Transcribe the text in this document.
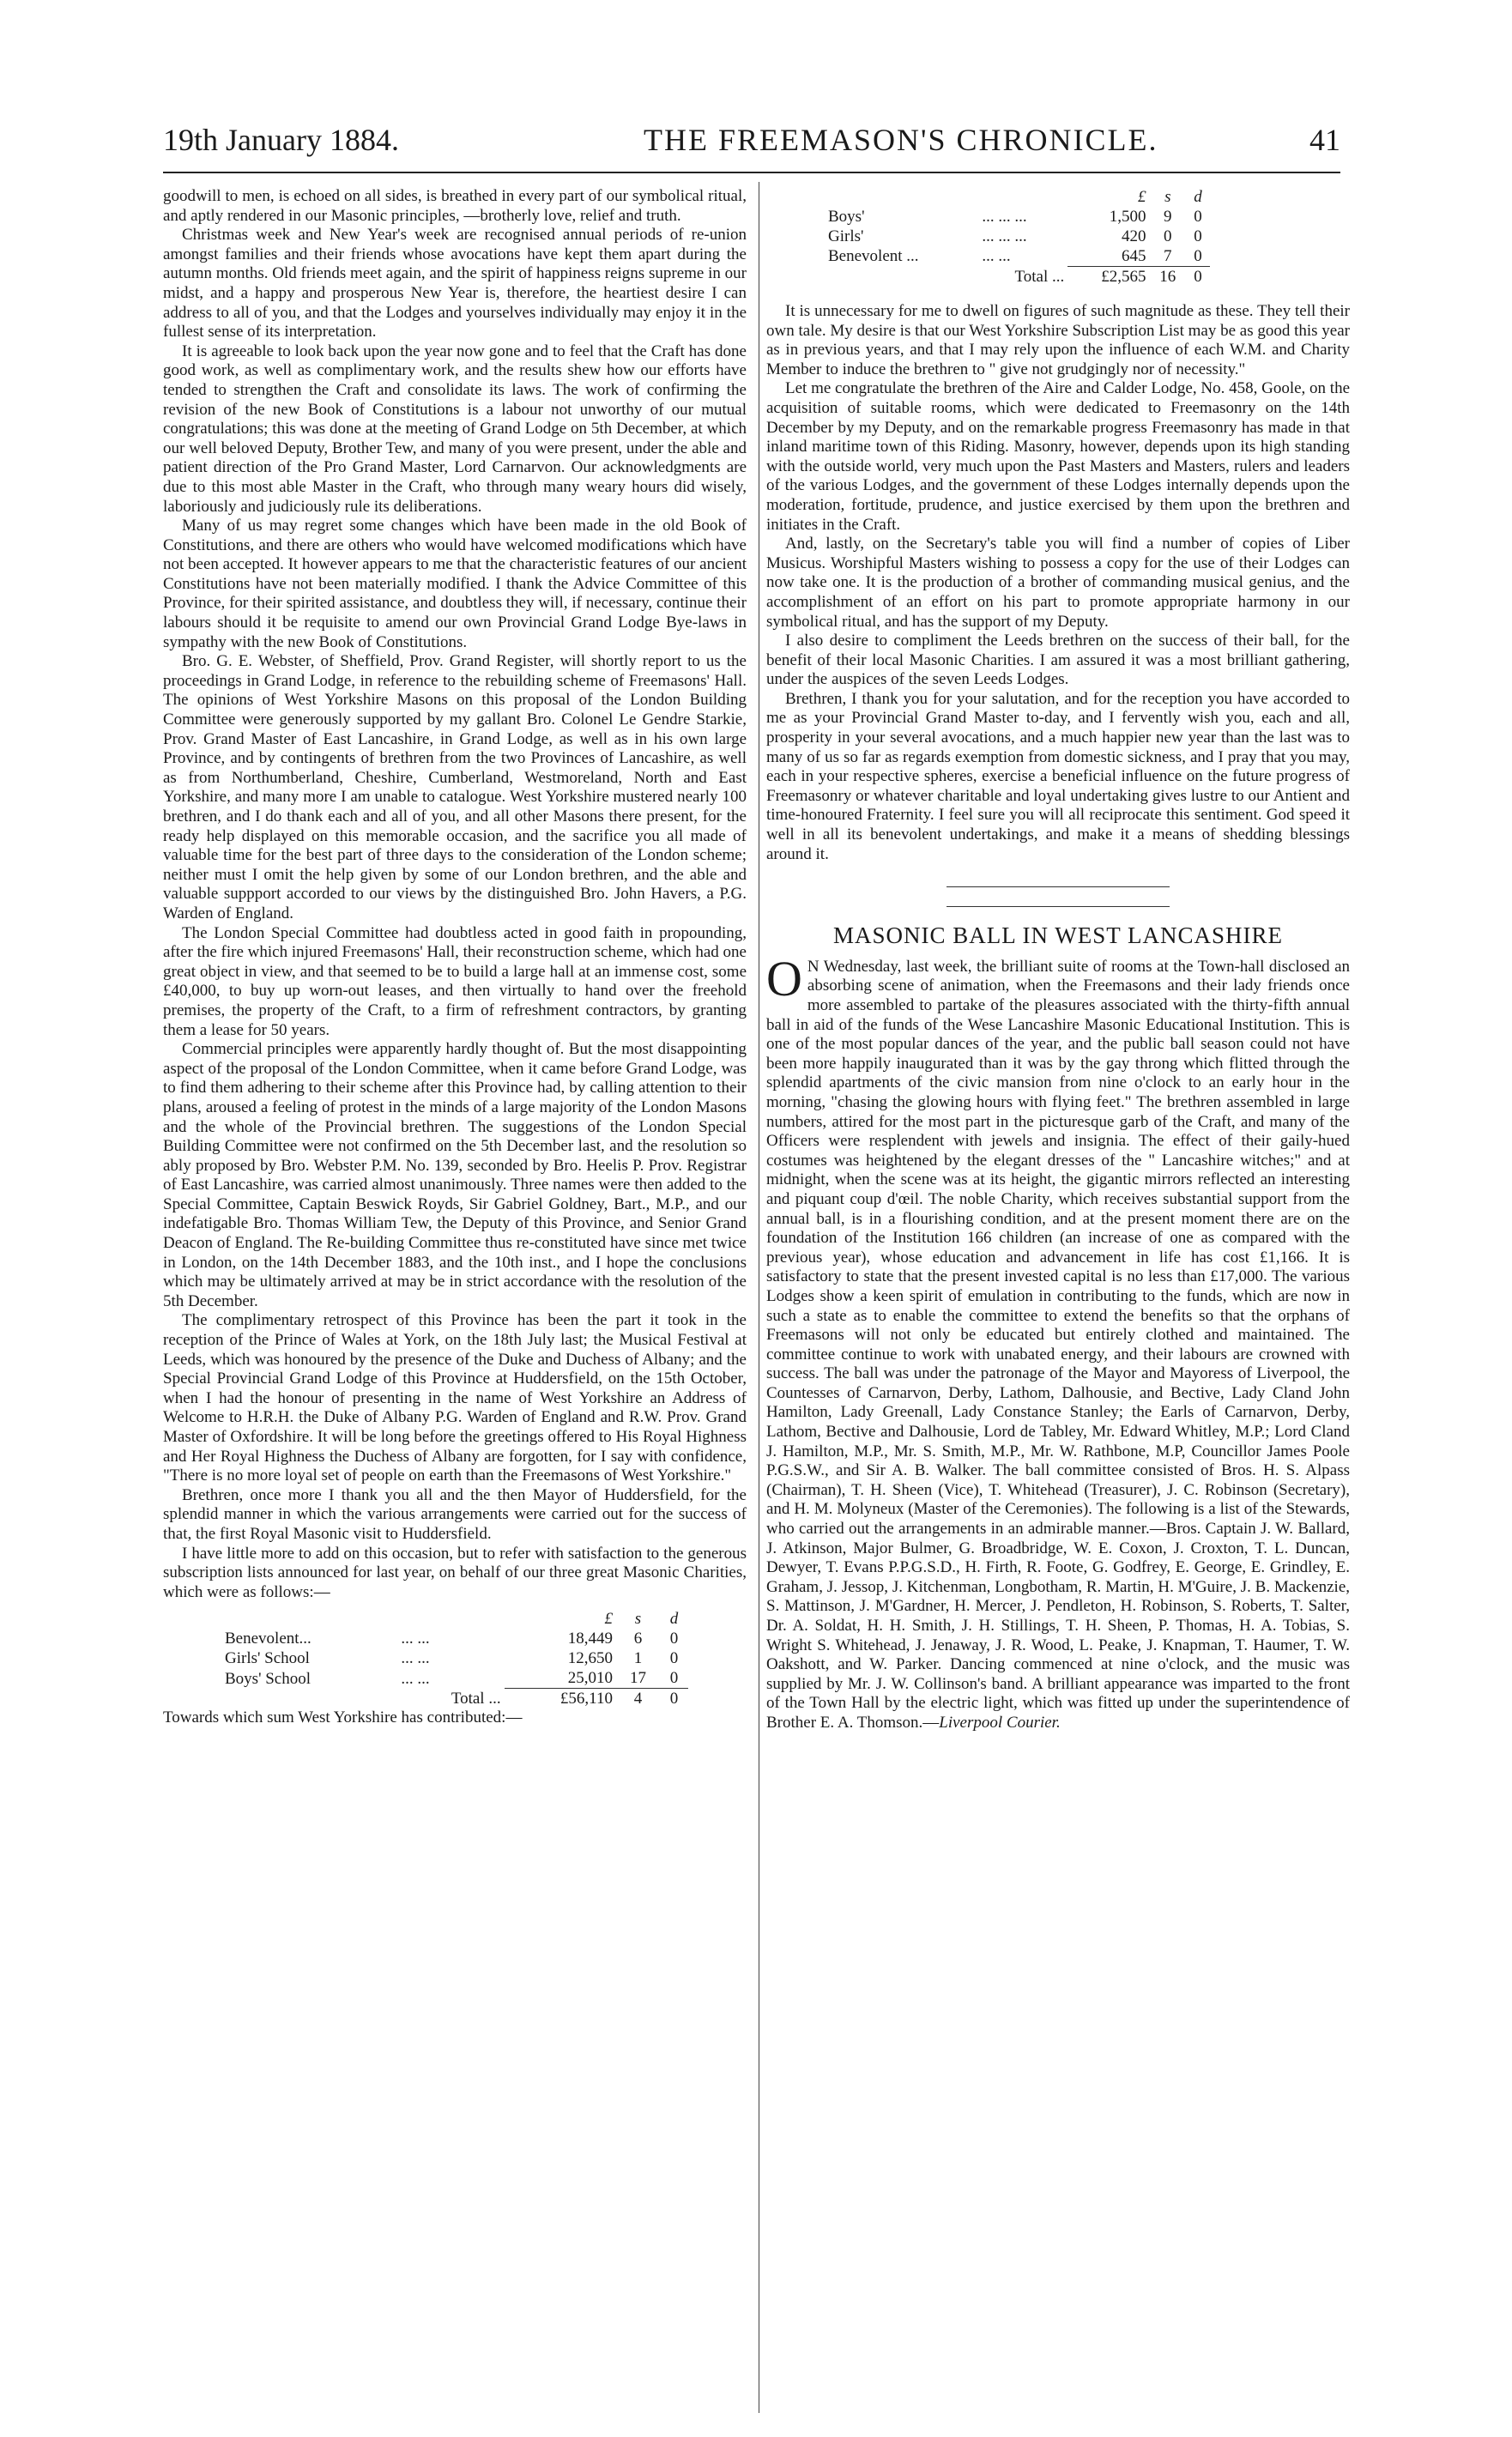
19th January 1884.	THE FREEMASON'S CHRONICLE.	41

goodwill to men, is echoed on all sides, is breathed in every part of our symbolical ritual, and aptly rendered in our Masonic principles, —brotherly love, relief and truth.

Christmas week and New Year's week are recognised annual periods of re-union amongst families and their friends whose avocations have kept them apart during the autumn months. Old friends meet again, and the spirit of happiness reigns supreme in our midst, and a happy and prosperous New Year is, therefore, the heartiest desire I can address to all of you, and that the Lodges and yourselves individually may enjoy it in the fullest sense of its interpretation.

It is agreeable to look back upon the year now gone and to feel that the Craft has done good work, as well as complimentary work, and the results shew how our efforts have tended to strengthen the Craft and consolidate its laws. The work of confirming the revision of the new Book of Constitutions is a labour not unworthy of our mutual congratulations; this was done at the meeting of Grand Lodge on 5th December, at which our well beloved Deputy, Brother Tew, and many of you were present, under the able and patient direction of the Pro Grand Master, Lord Carnarvon. Our acknowledgments are due to this most able Master in the Craft, who through many weary hours did wisely, laboriously and judiciously rule its deliberations.

Many of us may regret some changes which have been made in the old Book of Constitutions, and there are others who would have welcomed modifications which have not been accepted. It however appears to me that the characteristic features of our ancient Constitutions have not been materially modified. I thank the Advice Committee of this Province, for their spirited assistance, and doubtless they will, if necessary, continue their labours should it be requisite to amend our own Provincial Grand Lodge Bye-laws in sympathy with the new Book of Constitutions.

Bro. G. E. Webster, of Sheffield, Prov. Grand Register, will shortly report to us the proceedings in Grand Lodge, in reference to the rebuilding scheme of Freemasons' Hall. The opinions of West Yorkshire Masons on this proposal of the London Building Committee were generously supported by my gallant Bro. Colonel Le Gendre Starkie, Prov. Grand Master of East Lancashire, in Grand Lodge, as well as in his own large Province, and by contingents of brethren from the two Provinces of Lancashire, as well as from Northumberland, Cheshire, Cumberland, Westmoreland, North and East Yorkshire, and many more I am unable to catalogue. West Yorkshire mustered nearly 100 brethren, and I do thank each and all of you, and all other Masons there present, for the ready help displayed on this memorable occasion, and the sacrifice you all made of valuable time for the best part of three days to the consideration of the London scheme; neither must I omit the help given by some of our London brethren, and the able and valuable suppport accorded to our views by the distinguished Bro. John Havers, a P.G. Warden of England.

The London Special Committee had doubtless acted in good faith in propounding, after the fire which injured Freemasons' Hall, their reconstruction scheme, which had one great object in view, and that seemed to be to build a large hall at an immense cost, some £40,000, to buy up worn-out leases, and then virtually to hand over the freehold premises, the property of the Craft, to a firm of refreshment contractors, by granting them a lease for 50 years.

Commercial principles were apparently hardly thought of. But the most disappointing aspect of the proposal of the London Committee, when it came before Grand Lodge, was to find them adhering to their scheme after this Province had, by calling attention to their plans, aroused a feeling of protest in the minds of a large majority of the London Masons and the whole of the Provincial brethren. The suggestions of the London Special Building Committee were not confirmed on the 5th December last, and the resolution so ably proposed by Bro. Webster P.M. No. 139, seconded by Bro. Heelis P. Prov. Registrar of East Lancashire, was carried almost unanimously. Three names were then added to the Special Committee, Captain Beswick Royds, Sir Gabriel Goldney, Bart., M.P., and our indefatigable Bro. Thomas William Tew, the Deputy of this Province, and Senior Grand Deacon of England. The Re-building Committee thus re-constituted have since met twice in London, on the 14th December 1883, and the 10th inst., and I hope the conclusions which may be ultimately arrived at may be in strict accordance with the resolution of the 5th December.

The complimentary retrospect of this Province has been the part it took in the reception of the Prince of Wales at York, on the 18th July last; the Musical Festival at Leeds, which was honoured by the presence of the Duke and Duchess of Albany; and the Special Provincial Grand Lodge of this Province at Huddersfield, on the 15th October, when I had the honour of presenting in the name of West Yorkshire an Address of Welcome to H.R.H. the Duke of Albany P.G. Warden of England and R.W. Prov. Grand Master of Oxfordshire. It will be long before the greetings offered to His Royal Highness and Her Royal Highness the Duchess of Albany are forgotten, for I say with confidence, "There is no more loyal set of people on earth than the Freemasons of West Yorkshire."

Brethren, once more I thank you all and the then Mayor of Huddersfield, for the splendid manner in which the various arrangements were carried out for the success of that, the first Royal Masonic visit to Huddersfield.

I have little more to add on this occasion, but to refer with satisfaction to the generous subscription lists announced for last year, on behalf of our three great Masonic Charities, which were as follows:—

		£	s	d
Benevolent...	... ...	18,449	6	0
Girls' School	... ...	12,650	1	0
Boys' School	... ...	25,010	17	0
	Total ...	£56,110	4	0

Towards which sum West Yorkshire has contributed:—

		£	s	d
Boys'	... ... ...	1,500	9	0
Girls'	... ... ...	420	0	0
Benevolent ...	... ...	645	7	0
	Total ...	£2,565	16	0

It is unnecessary for me to dwell on figures of such magnitude as these. They tell their own tale. My desire is that our West Yorkshire Subscription List may be as good this year as in previous years, and that I may rely upon the influence of each W.M. and Charity Member to induce the brethren to " give not grudgingly nor of necessity."

Let me congratulate the brethren of the Aire and Calder Lodge, No. 458, Goole, on the acquisition of suitable rooms, which were dedicated to Freemasonry on the 14th December by my Deputy, and on the remarkable progress Freemasonry has made in that inland maritime town of this Riding. Masonry, however, depends upon its high standing with the outside world, very much upon the Past Masters and Masters, rulers and leaders of the various Lodges, and the government of these Lodges internally depends upon the moderation, fortitude, prudence, and justice exercised by them upon the brethren and initiates in the Craft.

And, lastly, on the Secretary's table you will find a number of copies of Liber Musicus. Worshipful Masters wishing to possess a copy for the use of their Lodges can now take one. It is the production of a brother of commanding musical genius, and the accomplishment of an effort on his part to promote appropriate harmony in our symbolical ritual, and has the support of my Deputy.

I also desire to compliment the Leeds brethren on the success of their ball, for the benefit of their local Masonic Charities. I am assured it was a most brilliant gathering, under the auspices of the seven Leeds Lodges.

Brethren, I thank you for your salutation, and for the reception you have accorded to me as your Provincial Grand Master to-day, and I fervently wish you, each and all, prosperity in your several avocations, and a much happier new year than the last was to many of us so far as regards exemption from domestic sickness, and I pray that you may, each in your respective spheres, exercise a beneficial influence on the future progress of Freemasonry or whatever charitable and loyal undertaking gives lustre to our Antient and time-honoured Fraternity. I feel sure you will all reciprocate this sentiment. God speed it well in all its benevolent undertakings, and make it a means of shedding blessings around it.

MASONIC BALL IN WEST LANCASHIRE

O N Wednesday, last week, the brilliant suite of rooms at the Town-hall disclosed an absorbing scene of animation, when the Freemasons and their lady friends once more assembled to partake of the pleasures associated with the thirty-fifth annual ball in aid of the funds of the Wese Lancashire Masonic Educational Institution. This is one of the most popular dances of the year, and the public ball season could not have been more happily inaugurated than it was by the gay throng which flitted through the splendid apartments of the civic mansion from nine o'clock to an early hour in the morning, "chasing the glowing hours with flying feet." The brethren assembled in large numbers, attired for the most part in the picturesque garb of the Craft, and many of the Officers were resplendent with jewels and insignia. The effect of their gaily-hued costumes was heightened by the elegant dresses of the " Lancashire witches;" and at midnight, when the scene was at its height, the gigantic mirrors reflected an interesting and piquant coup d'œil. The noble Charity, which receives substantial support from the annual ball, is in a flourishing condition, and at the present moment there are on the foundation of the Institution 166 children (an increase of one as compared with the previous year), whose education and advancement in life has cost £1,166. It is satisfactory to state that the present invested capital is no less than £17,000. The various Lodges show a keen spirit of emulation in contributing to the funds, which are now in such a state as to enable the committee to extend the benefits so that the orphans of Freemasons will not only be educated but entirely clothed and maintained. The committee continue to work with unabated energy, and their labours are crowned with success. The ball was under the patronage of the Mayor and Mayoress of Liverpool, the Countesses of Carnarvon, Derby, Lathom, Dalhousie, and Bective, Lady Cland John Hamilton, Lady Greenall, Lady Constance Stanley; the Earls of Carnarvon, Derby, Lathom, Bective and Dalhousie, Lord de Tabley, Mr. Edward Whitley, M.P.; Lord Cland J. Hamilton, M.P., Mr. S. Smith, M.P., Mr. W. Rathbone, M.P, Councillor James Poole P.G.S.W., and Sir A. B. Walker. The ball committee consisted of Bros. H. S. Alpass (Chairman), T. H. Sheen (Vice), T. Whitehead (Treasurer), J. C. Robinson (Secretary), and H. M. Molyneux (Master of the Ceremonies). The following is a list of the Stewards, who carried out the arrangements in an admirable manner.—Bros. Captain J. W. Ballard, J. Atkinson, Major Bulmer, G. Broadbridge, W. E. Coxon, J. Croxton, T. L. Duncan, Dewyer, T. Evans P.P.G.S.D., H. Firth, R. Foote, G. Godfrey, E. George, E. Grindley, E. Graham, J. Jessop, J. Kitchenman, Longbotham, R. Martin, H. M'Guire, J. B. Mackenzie, S. Mattinson, J. M'Gardner, H. Mercer, J. Pendleton, H. Robinson, S. Roberts, T. Salter, Dr. A. Soldat, H. H. Smith, J. H. Stillings, T. H. Sheen, P. Thomas, H. A. Tobias, S. Wright S. Whitehead, J. Jenaway, J. R. Wood, L. Peake, J. Knapman, T. Haumer, T. W. Oakshott, and W. Parker. Dancing commenced at nine o'clock, and the music was supplied by Mr. J. W. Collinson's band. A brilliant appearance was imparted to the front of the Town Hall by the electric light, which was fitted up under the superintendence of Brother E. A. Thomson.—Liverpool Courier.
